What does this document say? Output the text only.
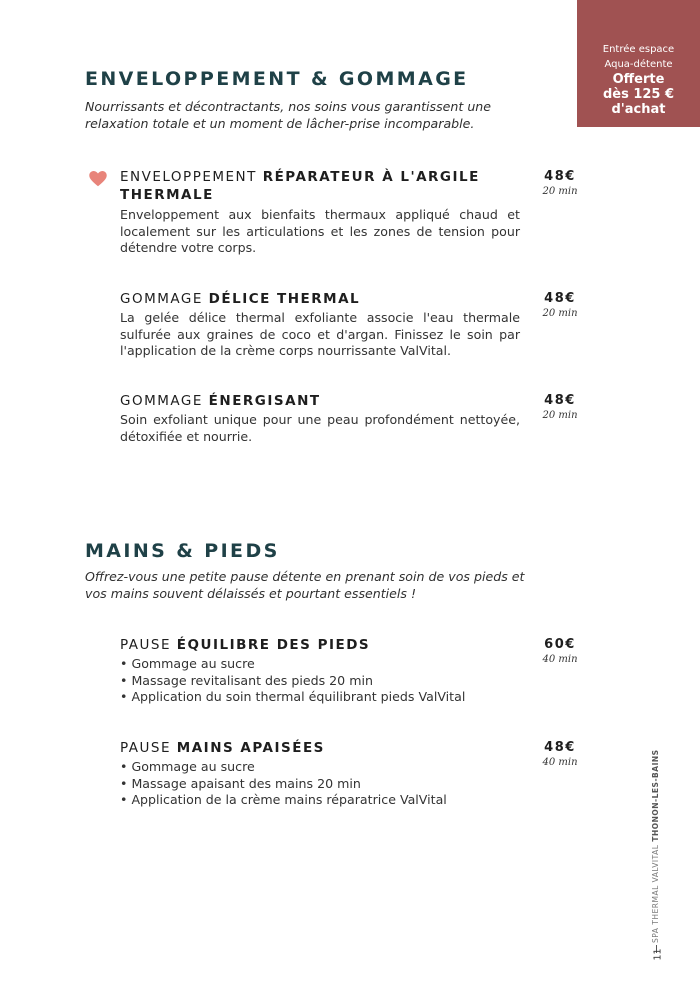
Entrée espace
Aqua-détente
Offerte
dès 125 €
d'achat
ENVELOPPEMENT & GOMMAGE

Nourrissants et décontractants, nos soins vous garantissent une relaxation totale et un moment de lâcher-prise incomparable.

ENVELOPPEMENT RÉPARATEUR À L'ARGILE THERMALE
Enveloppement aux bienfaits thermaux appliqué chaud et localement sur les articulations et les zones de tension pour détendre votre corps.
48€
20 min
GOMMAGE DÉLICE THERMAL
La gelée délice thermal exfoliante associe l'eau thermale sulfurée aux graines de coco et d'argan. Finissez le soin par l'application de la crème corps nourrissante ValVital.
48€
20 min
GOMMAGE ÉNERGISANT
Soin exfoliant unique pour une peau profondément nettoyée, détoxifiée et nourrie.
48€
20 min
MAINS & PIEDS

Offrez-vous une petite pause détente en prenant soin de vos pieds et vos mains souvent délaissés et pourtant essentiels !

PAUSE ÉQUILIBRE DES PIEDS
• Gommage au sucre
• Massage revitalisant des pieds 20 min
• Application du soin thermal équilibrant pieds ValVital
60€
40 min
PAUSE MAINS APAISÉES
• Gommage au sucre
• Massage apaisant des mains 20 min
• Application de la crème mains réparatrice ValVital
48€
40 min
SPA THERMAL VALVITAL THONON-LES-BAINS
11
